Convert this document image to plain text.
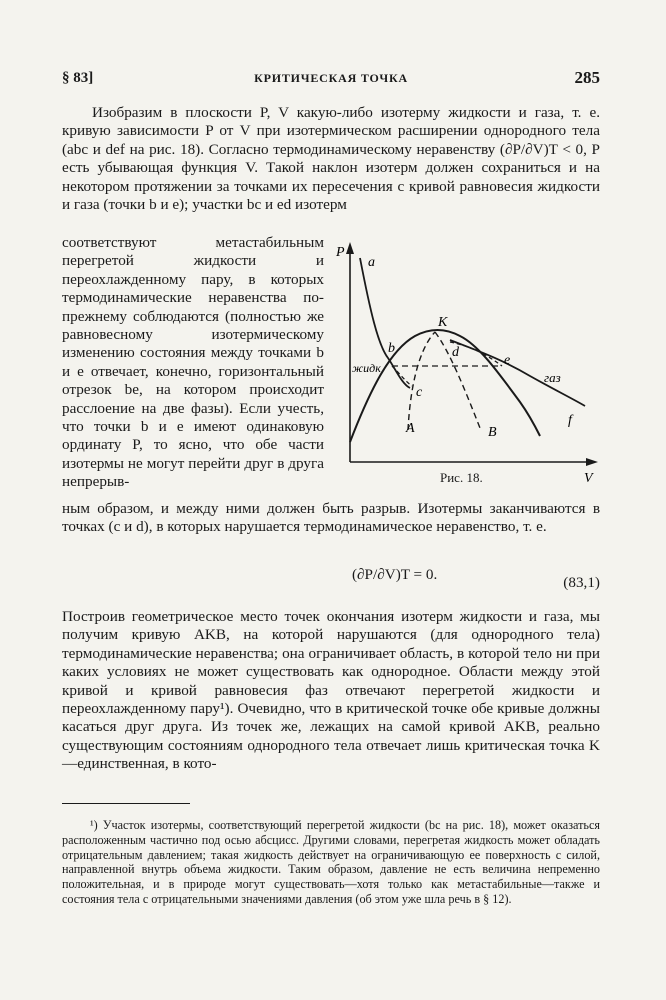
§ 83]	КРИТИЧЕСКАЯ ТОЧКА	285
Изобразим в плоскости P, V какую-либо изотерму жидкости и газа, т. е. кривую зависимости P от V при изотермическом расширении однородного тела (abc и def на рис. 18). Согласно термодинамическому неравенству (∂P/∂V)T < 0, P есть убывающая функция V. Такой наклон изотерм должен сохраниться и на некотором протяжении за точками их пересечения с кривой равновесия жидкости и газа (точки b и e); участки bc и ed изотерм
соответствуют метастабильным перегретой жидкости и переохлажденному пару, в которых термодинамические неравенства по-прежнему соблюдаются (полностью же равновесному изотермическому изменению состояния между точками b и e отвечает, конечно, горизонтальный отрезок be, на котором происходит расслоение на две фазы). Если учесть, что точки b и e имеют одинаковую ординату P, то ясно, что обе части изотермы не могут перейти друг в друга непрерыв-
P
V
a
b
c
d
e
f
K
A	B
жидк
газ
Рис. 18.
ным образом, и между ними должен быть разрыв. Изотермы заканчиваются в точках (c и d), в которых нарушается термодинамическое неравенство, т. е.
(∂P/∂V)T = 0.	(83,1)
Построив геометрическое место точек окончания изотерм жидкости и газа, мы получим кривую AKB, на которой нарушаются (для однородного тела) термодинамические неравенства; она ограничивает область, в которой тело ни при каких условиях не может существовать как однородное. Области между этой кривой и кривой равновесия фаз отвечают перегретой жидкости и переохлажденному пару¹). Очевидно, что в критической точке обе кривые должны касаться друг друга. Из точек же, лежащих на самой кривой AKB, реально существующим состояниям однородного тела отвечает лишь критическая точка K—единственная, в кото-
¹) Участок изотермы, соответствующий перегретой жидкости (bc на рис. 18), может оказаться расположенным частично под осью абсцисс. Другими словами, перегретая жидкость может обладать отрицательным давлением; такая жидкость действует на ограничивающую ее поверхность с силой, направленной внутрь объема жидкости. Таким образом, давление не есть величина непременно положительная, и в природе могут существовать—хотя только как метастабильные—также и состояния тела с отрицательными значениями давления (об этом уже шла речь в § 12).
